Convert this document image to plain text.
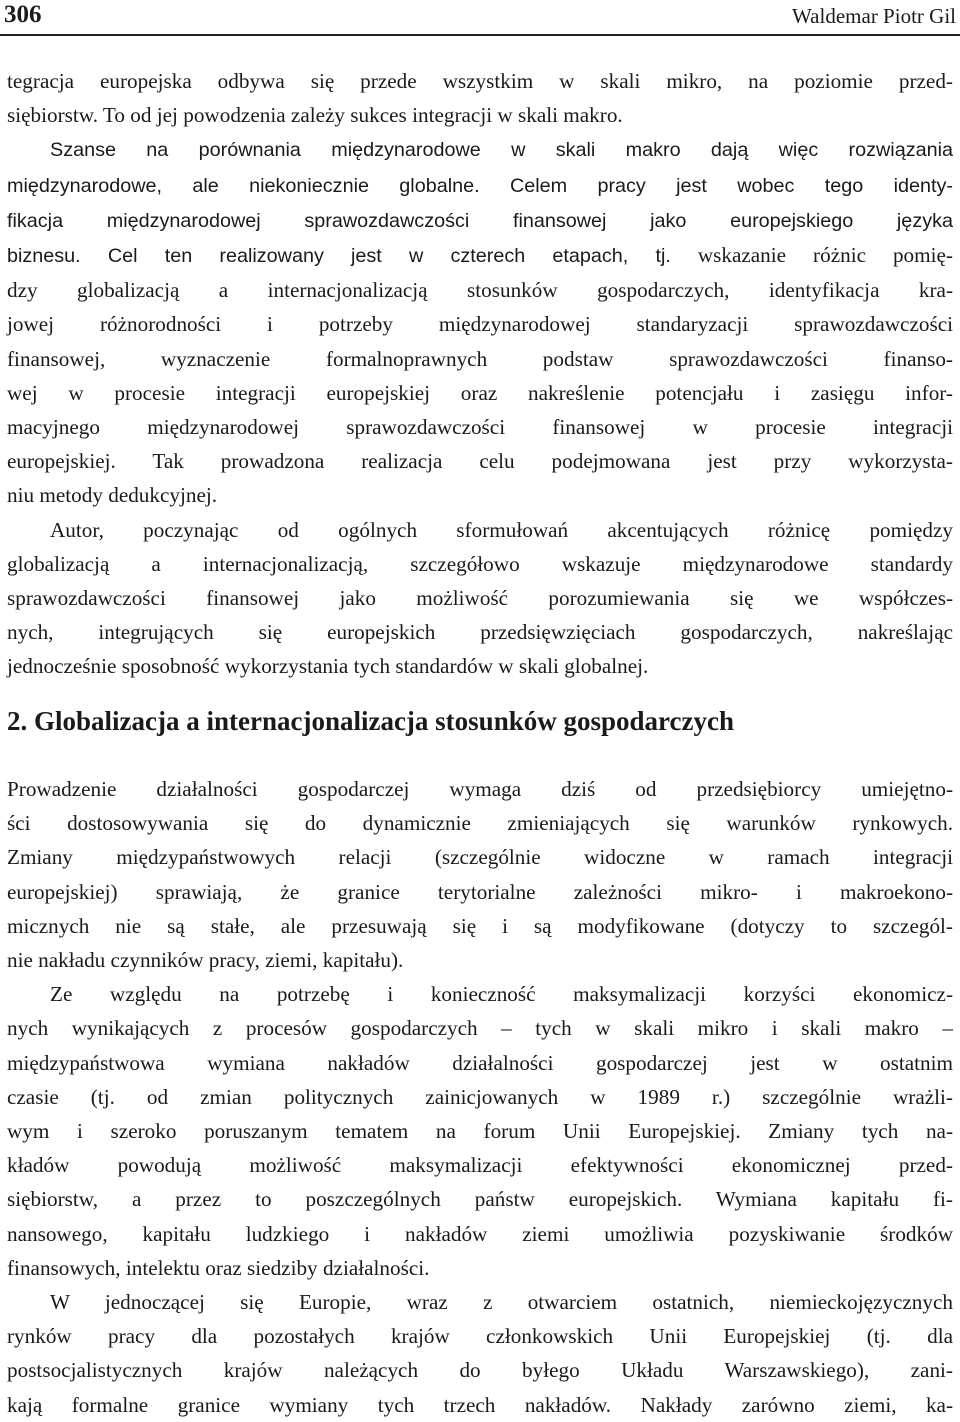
306	Waldemar Piotr Gil

tegracja europejska odbywa się przede wszystkim w skali mikro, na poziomie przed-
siębiorstw. To od jej powodzenia zależy sukces integracji w skali makro.

Szanse na porównania międzynarodowe w skali makro dają więc rozwiązania
międzynarodowe, ale niekoniecznie globalne. Celem pracy jest wobec tego identy-
fikacja międzynarodowej sprawozdawczości finansowej jako europejskiego języka
biznesu. Cel ten realizowany jest w czterech etapach, tj. wskazanie różnic pomię-
dzy globalizacją a internacjonalizacją stosunków gospodarczych, identyfikacja kra-
jowej różnorodności i potrzeby międzynarodowej standaryzacji sprawozdawczości
finansowej, wyznaczenie formalnoprawnych podstaw sprawozdawczości finanso-
wej w procesie integracji europejskiej oraz nakreślenie potencjału i zasięgu infor-
macyjnego międzynarodowej sprawozdawczości finansowej w procesie integracji
europejskiej. Tak prowadzona realizacja celu podejmowana jest przy wykorzysta-
niu metody dedukcyjnej.

Autor, poczynając od ogólnych sformułowań akcentujących różnicę pomiędzy
globalizacją a internacjonalizacją, szczegółowo wskazuje międzynarodowe standardy
sprawozdawczości finansowej jako możliwość porozumiewania się we współczes-
nych, integrujących się europejskich przedsięwzięciach gospodarczych, nakreślając
jednocześnie sposobność wykorzystania tych standardów w skali globalnej.

2. Globalizacja a internacjonalizacja stosunków gospodarczych

Prowadzenie działalności gospodarczej wymaga dziś od przedsiębiorcy umiejętno-
ści dostosowywania się do dynamicznie zmieniających się warunków rynkowych.
Zmiany międzypaństwowych relacji (szczególnie widoczne w ramach integracji
europejskiej) sprawiają, że granice terytorialne zależności mikro- i makroekono-
micznych nie są stałe, ale przesuwają się i są modyfikowane (dotyczy to szczegól-
nie nakładu czynników pracy, ziemi, kapitału).

Ze względu na potrzebę i konieczność maksymalizacji korzyści ekonomicz-
nych wynikających z procesów gospodarczych – tych w skali mikro i skali makro –
międzypaństwowa wymiana nakładów działalności gospodarczej jest w ostatnim
czasie (tj. od zmian politycznych zainicjowanych w 1989 r.) szczególnie wrażli-
wym i szeroko poruszanym tematem na forum Unii Europejskiej. Zmiany tych na-
kładów powodują możliwość maksymalizacji efektywności ekonomicznej przed-
siębiorstw, a przez to poszczególnych państw europejskich. Wymiana kapitału fi-
nansowego, kapitału ludzkiego i nakładów ziemi umożliwia pozyskiwanie środków
finansowych, intelektu oraz siedziby działalności.

W jednoczącej się Europie, wraz z otwarciem ostatnich, niemieckojęzycznych
rynków pracy dla pozostałych krajów członkowskich Unii Europejskiej (tj. dla
postsocjalistycznych krajów należących do byłego Układu Warszawskiego), zani-
kają formalne granice wymiany tych trzech nakładów. Nakłady zarówno ziemi, ka-
